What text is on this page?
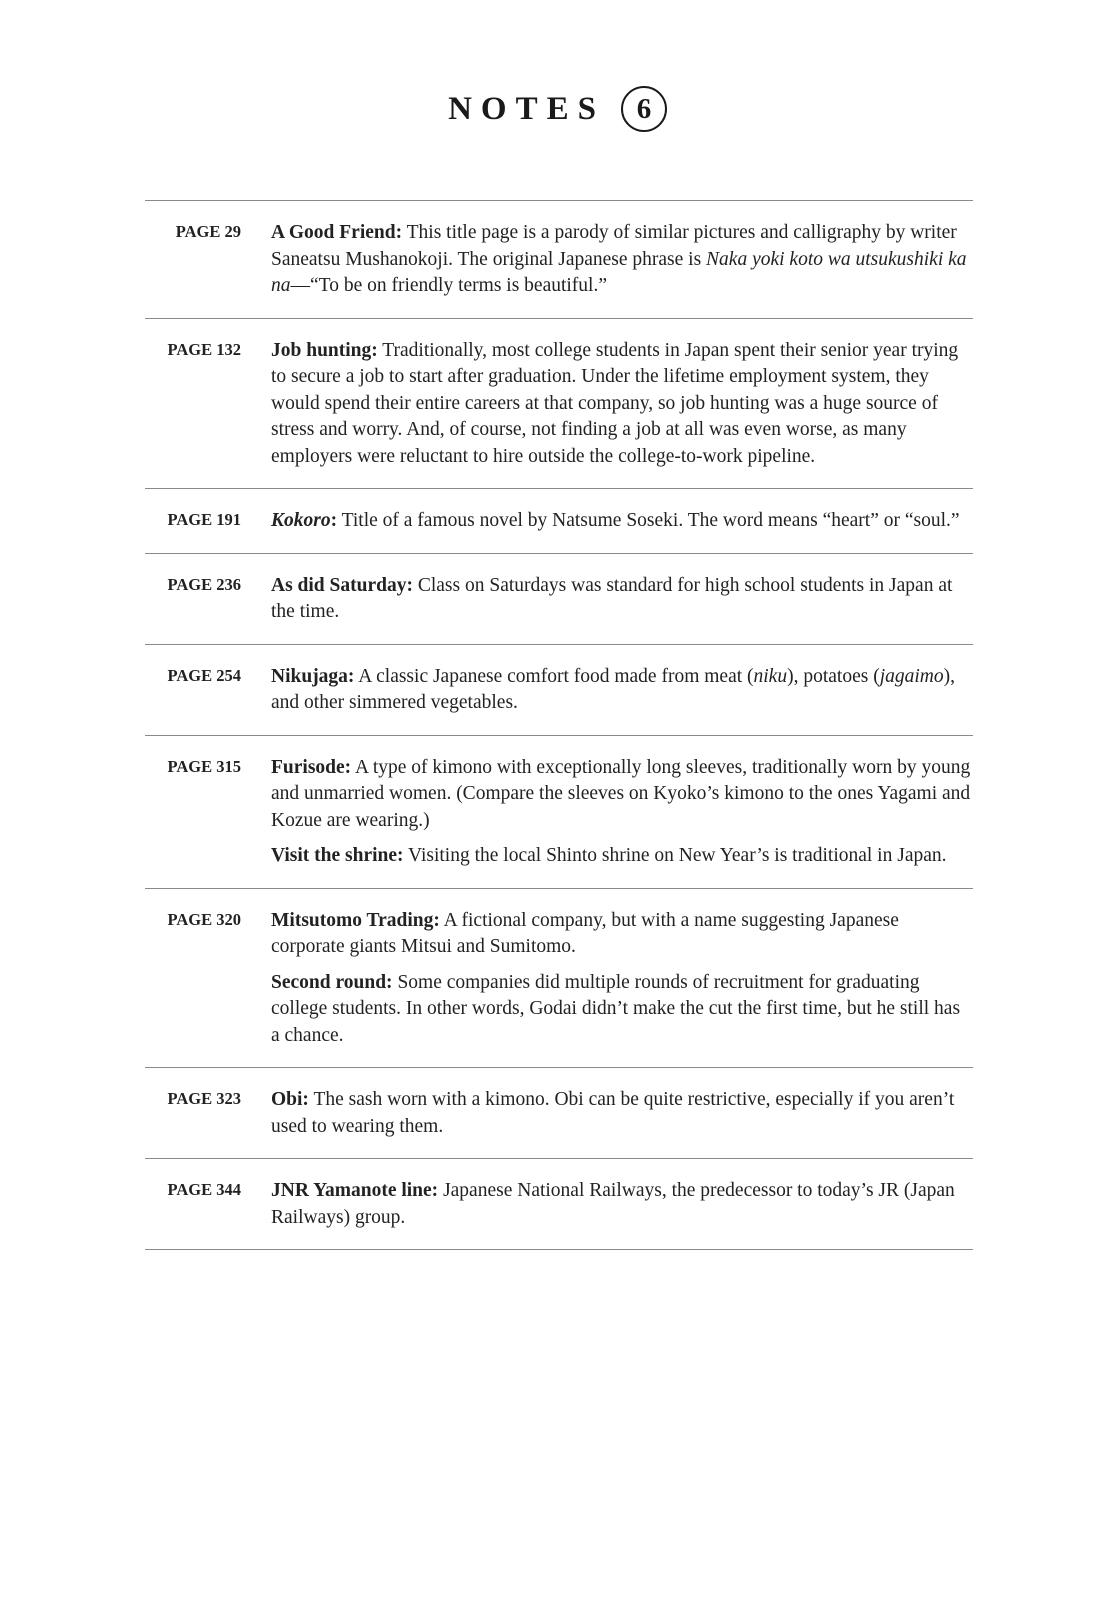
NOTES 6
PAGE 29 A Good Friend: This title page is a parody of similar pictures and calligraphy by writer Saneatsu Mushanokoji. The original Japanese phrase is Naka yoki koto wa utsukushiki ka na—“To be on friendly terms is beautiful.”

PAGE 132 Job hunting: Traditionally, most college students in Japan spent their senior year trying to secure a job to start after graduation. Under the lifetime employment system, they would spend their entire careers at that company, so job hunting was a huge source of stress and worry. And, of course, not finding a job at all was even worse, as many employers were reluctant to hire outside the college-to-work pipeline.

PAGE 191 Kokoro: Title of a famous novel by Natsume Soseki. The word means “heart” or “soul.”

PAGE 236 As did Saturday: Class on Saturdays was standard for high school students in Japan at the time.

PAGE 254 Nikujaga: A classic Japanese comfort food made from meat (niku), potatoes (jagaimo), and other simmered vegetables.

PAGE 315 Furisode: A type of kimono with exceptionally long sleeves, traditionally worn by young and unmarried women. (Compare the sleeves on Kyoko’s kimono to the ones Yagami and Kozue are wearing.)

Visit the shrine: Visiting the local Shinto shrine on New Year’s is traditional in Japan.

PAGE 320 Mitsutomo Trading: A fictional company, but with a name suggesting Japanese corporate giants Mitsui and Sumitomo.

Second round: Some companies did multiple rounds of recruitment for graduating college students. In other words, Godai didn’t make the cut the first time, but he still has a chance.

PAGE 323 Obi: The sash worn with a kimono. Obi can be quite restrictive, especially if you aren’t used to wearing them.

PAGE 344 JNR Yamanote line: Japanese National Railways, the predecessor to today’s JR (Japan Railways) group.
